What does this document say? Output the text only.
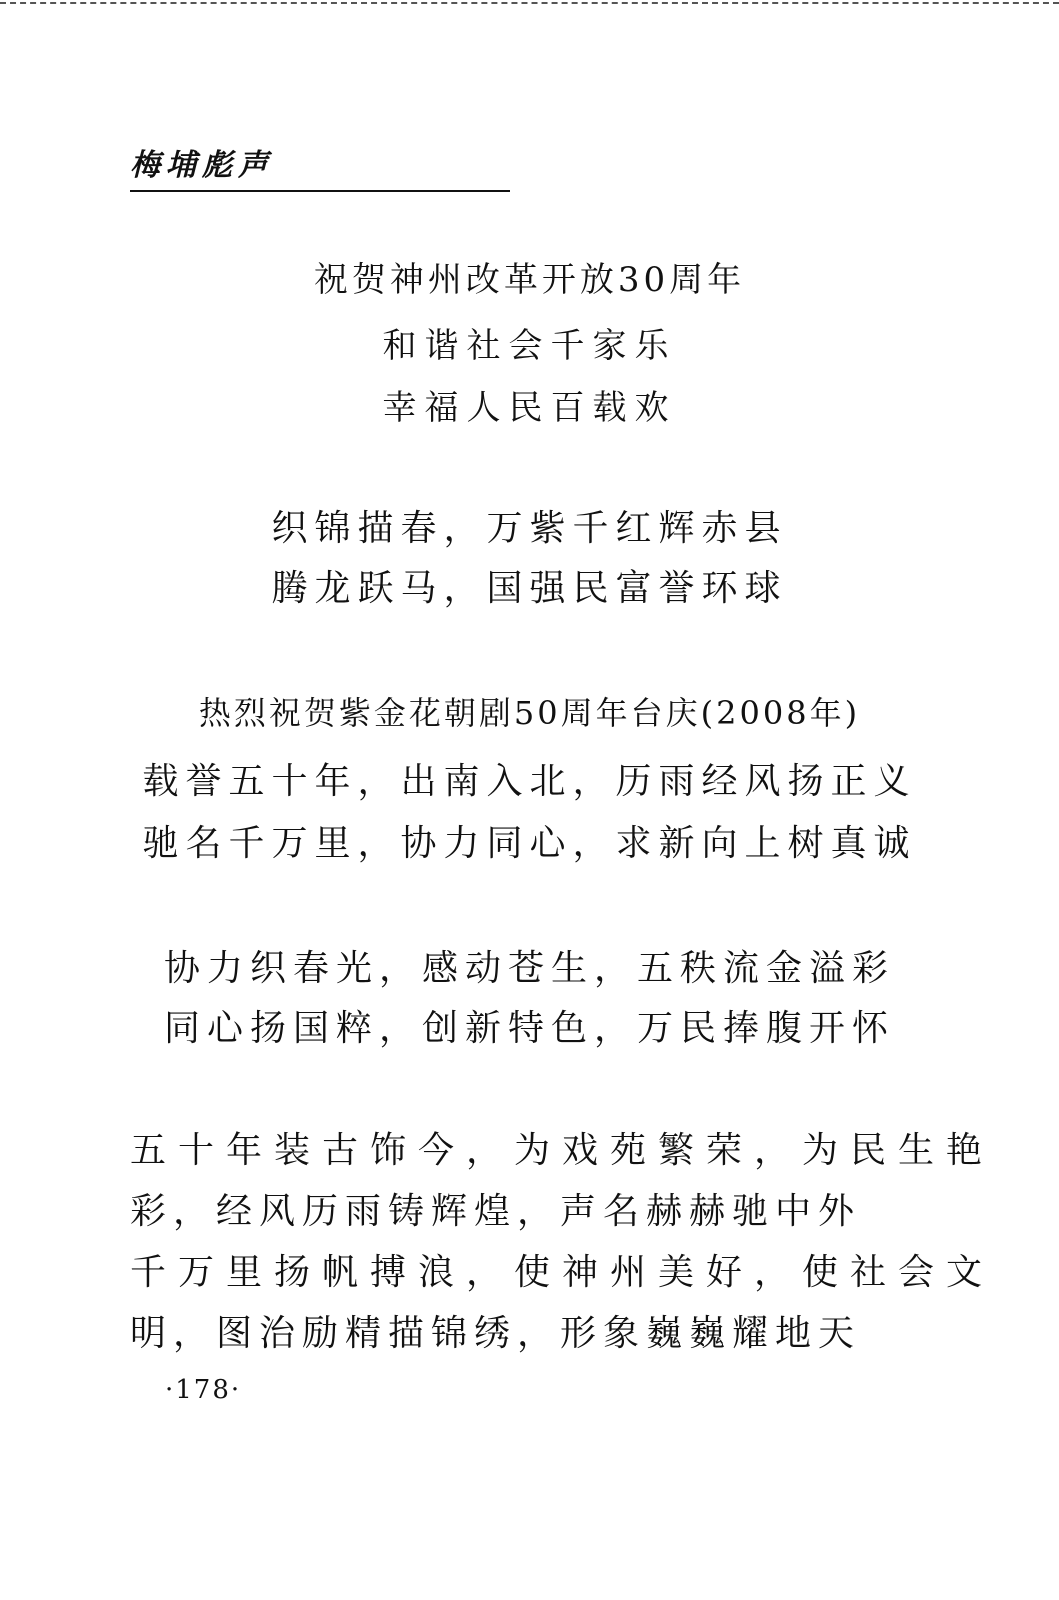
梅埔彪声
祝贺神州改革开放30周年
和谐社会千家乐
幸福人民百载欢
织锦描春，万紫千红辉赤县
腾龙跃马，国强民富誉环球
热烈祝贺紫金花朝剧50周年台庆(2008年)
载誉五十年，出南入北，历雨经风扬正义
驰名千万里，协力同心，求新向上树真诚
协力织春光，感动苍生，五秩流金溢彩
同心扬国粹，创新特色，万民捧腹开怀
五十年装古饰今，为戏苑繁荣，为民生艳
彩，经风历雨铸辉煌，声名赫赫驰中外
千万里扬帆搏浪，使神州美好，使社会文
明，图治励精描锦绣，形象巍巍耀地天
·178·
